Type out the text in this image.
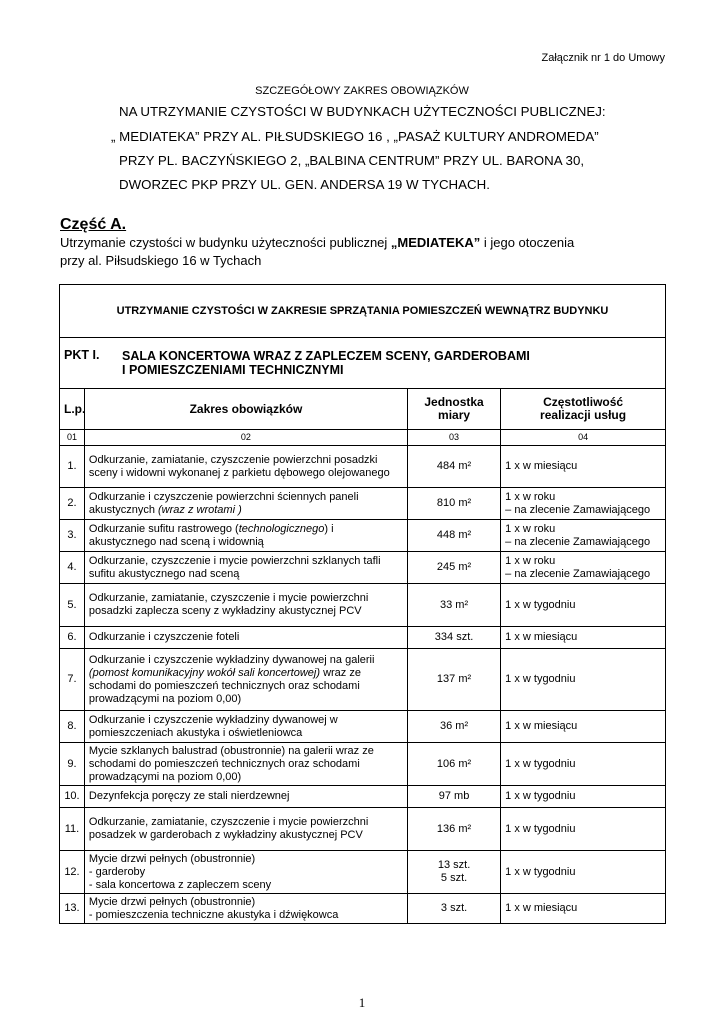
Załącznik nr 1 do Umowy
SZCZEGÓŁOWY ZAKRES OBOWIĄZKÓW
NA UTRZYMANIE CZYSTOŚCI W BUDYNKACH UŻYTECZNOŚCI PUBLICZNEJ:
„ MEDIATEKA” PRZY AL. PIŁSUDSKIEGO 16 , „PASAŻ KULTURY ANDROMEDA”
PRZY PL. BACZYŃSKIEGO 2, „BALBINA CENTRUM” PRZY UL. BARONA 30,
DWORZEC PKP PRZY UL. GEN. ANDERSA 19 W TYCHACH.
Część A.
Utrzymanie czystości w budynku użyteczności publicznej „MEDIATEKA” i jego otoczenia
przy al. Piłsudskiego 16 w Tychach
UTRZYMANIE CZYSTOŚCI W ZAKRESIE SPRZĄTANIA POMIESZCZEŃ WEWNĄTRZ BUDYNKU			
PKT I. SALA KONCERTOWA WRAZ Z ZAPLECZEM SCENY, GARDEROBAMI
I POMIESZCZENIAMI TECHNICZNYMI			
L.p.	Zakres obowiązków	Jednostka
miary	Częstotliwość
realizacji usług
01	02	03	04
1.	Odkurzanie, zamiatanie, czyszczenie powierzchni posadzki sceny i widowni wykonanej z parkietu dębowego olejowanego	484 m²	1 x w miesiącu
2.	Odkurzanie i czyszczenie powierzchni ściennych paneli akustycznych (wraz z wrotami )	810 m²	1 x w roku
– na zlecenie Zamawiającego
3.	Odkurzanie sufitu rastrowego (technologicznego) i akustycznego nad sceną i widownią	448 m²	1 x w roku
– na zlecenie Zamawiającego
4.	Odkurzanie, czyszczenie i mycie powierzchni szklanych tafli sufitu akustycznego nad sceną	245 m²	1 x w roku
– na zlecenie Zamawiającego
5.	Odkurzanie, zamiatanie, czyszczenie i mycie powierzchni posadzki zaplecza sceny z wykładziny akustycznej PCV	33 m²	1 x w tygodniu
6.	Odkurzanie i czyszczenie foteli	334 szt.	1 x w miesiącu
7.	Odkurzanie i czyszczenie wykładziny dywanowej na galerii (pomost komunikacyjny wokół sali koncertowej) wraz ze schodami do pomieszczeń technicznych oraz schodami prowadzącymi na poziom 0,00)	137 m²	1 x w tygodniu
8.	Odkurzanie i czyszczenie wykładziny dywanowej w pomieszczeniach akustyka i oświetleniowca	36 m²	1 x w miesiącu
9.	Mycie szklanych balustrad (obustronnie) na galerii wraz ze schodami do pomieszczeń technicznych oraz schodami prowadzącymi na poziom 0,00)	106 m²	1 x w tygodniu
10.	Dezynfekcja poręczy ze stali nierdzewnej	97 mb	1 x w tygodniu
11.	Odkurzanie, zamiatanie, czyszczenie i mycie powierzchni posadzek w garderobach z wykładziny akustycznej PCV	136 m²	1 x w tygodniu
12.	Mycie drzwi pełnych (obustronnie)
- garderoby
- sala koncertowa z zapleczem sceny	13 szt.
5 szt.	1 x w tygodniu
13.	Mycie drzwi pełnych (obustronnie)
- pomieszczenia techniczne akustyka i dźwiękowca	3 szt.	1 x w miesiącu
1
